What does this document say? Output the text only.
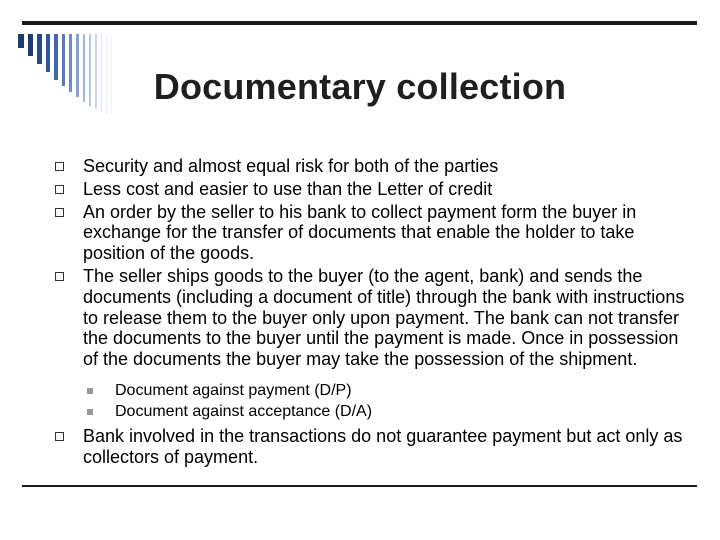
Documentary collection
Security and almost equal risk for both of the parties
Less cost and easier to use than the Letter of credit
An order by the seller to his bank to collect payment form the buyer in exchange for the transfer of documents that enable the holder to take position of the goods.
The seller ships goods to the buyer (to the agent, bank) and sends the documents (including a document of title) through the bank with instructions to release them to the buyer only upon payment. The bank can not transfer the documents to the buyer until the payment is made. Once in possession of the documents the buyer may take the possession of the shipment.
Document against payment (D/P)
Document against acceptance (D/A)
Bank involved in the transactions do not guarantee payment but act only as collectors of payment.
